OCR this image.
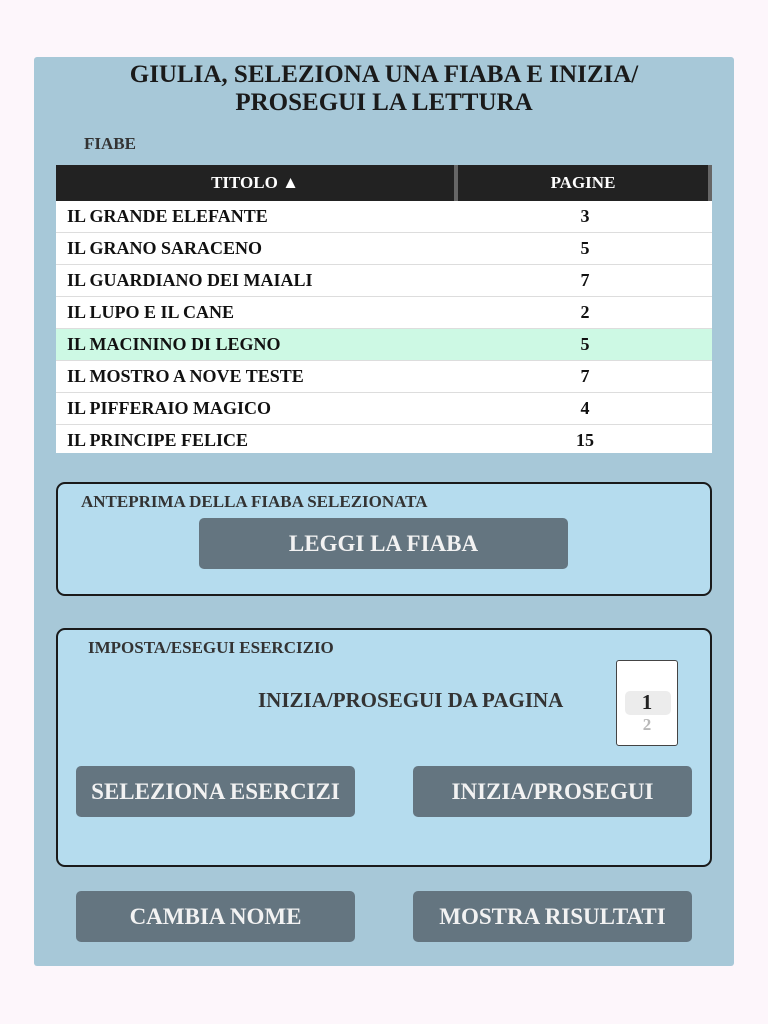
GIULIA, SELEZIONA UNA FIABA E INIZIA/
PROSEGUI LA LETTURA
FIABE
TITOLO ▲	PAGINE
IL GRANDE ELEFANTE	3
IL GRANO SARACENO	5
IL GUARDIANO DEI MAIALI	7
IL LUPO E IL CANE	2
IL MACININO DI LEGNO	5
IL MOSTRO A NOVE TESTE	7
IL PIFFERAIO MAGICO	4
IL PRINCIPE FELICE	15
ANTEPRIMA DELLA FIABA SELEZIONATA
LEGGI LA FIABA
IMPOSTA/ESEGUI ESERCIZIO
INIZIA/PROSEGUI DA PAGINA	1
2
SELEZIONA ESERCIZI	INIZIA/PROSEGUI
CAMBIA NOME	MOSTRA RISULTATI
